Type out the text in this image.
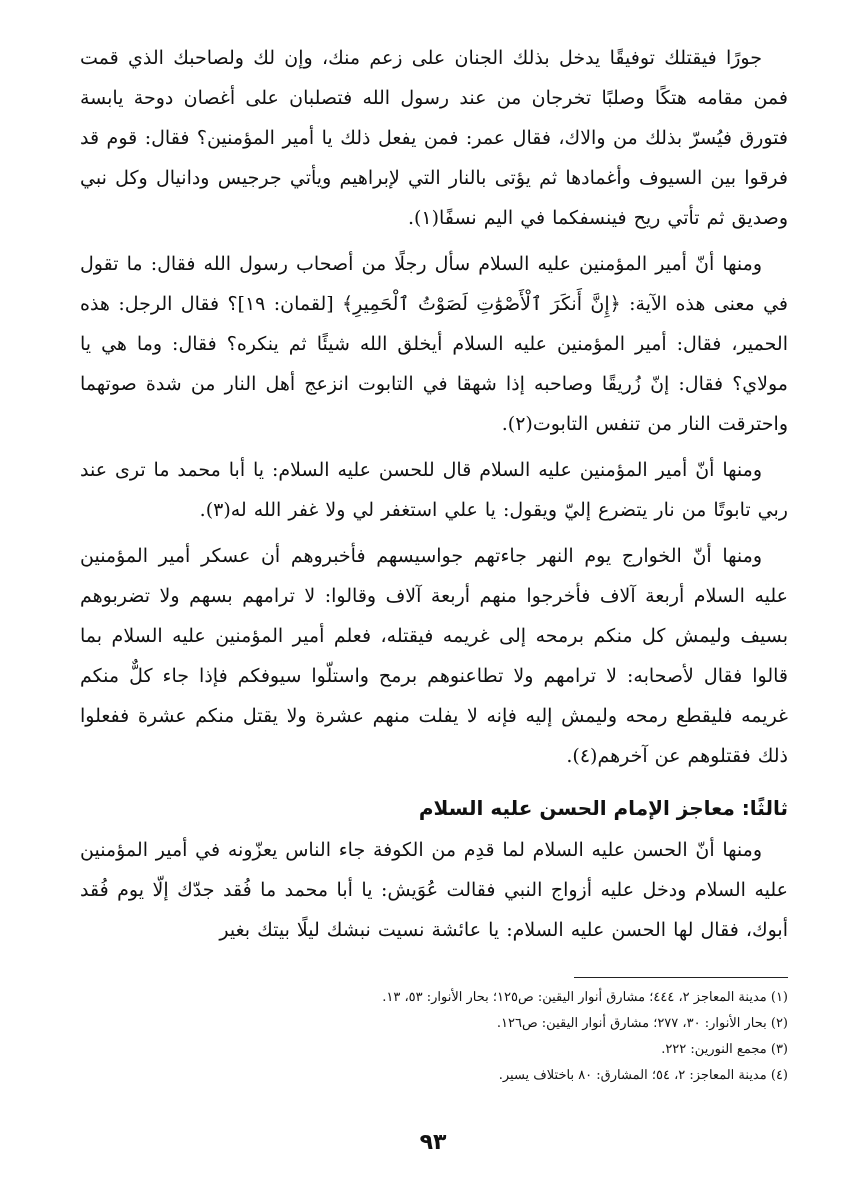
جورًا فيقتلك توفيقًا يدخل بذلك الجنان على زعم منك، وإن لك ولصاحبك الذي قمت فمن مقامه هتكًا وصلبًا تخرجان من عند رسول الله فتصلبان على أغصان دوحة يابسة فتورق فيُسرّ بذلك من والاك، فقال عمر: فمن يفعل ذلك يا أمير المؤمنين؟ فقال: قوم قد فرقوا بين السيوف وأغمادها ثم يؤتى بالنار التي لإبراهيم ويأتي جرجيس ودانيال وكل نبي وصديق ثم تأتي ريح فينسفكما في اليم نسفًا(١).

ومنها أنّ أمير المؤمنين عليه السلام سأل رجلًا من أصحاب رسول الله فقال: ما تقول في معنى هذه الآية: ﴿إِنَّ أَنكَرَ ٱلْأَصْوَٰتِ لَصَوْتُ ٱلْحَمِيرِ﴾ [لقمان: ١٩]؟ فقال الرجل: هذه الحمير، فقال: أمير المؤمنين عليه السلام أيخلق الله شيئًا ثم ينكره؟ فقال: وما هي يا مولاي؟ فقال: إنّ زُريقًا وصاحبه إذا شهقا في التابوت انزعج أهل النار من شدة صوتهما واحترقت النار من تنفس التابوت(٢).

ومنها أنّ أمير المؤمنين عليه السلام قال للحسن عليه السلام: يا أبا محمد ما ترى عند ربي تابوتًا من نار يتضرع إليّ ويقول: يا علي استغفر لي ولا غفر الله له(٣).

ومنها أنّ الخوارج يوم النهر جاءتهم جواسيسهم فأخبروهم أن عسكر أمير المؤمنين عليه السلام أربعة آلاف فأخرجوا منهم أربعة آلاف وقالوا: لا ترامهم بسهم ولا تضربوهم بسيف وليمش كل منكم برمحه إلى غريمه فيقتله، فعلم أمير المؤمنين عليه السلام بما قالوا فقال لأصحابه: لا ترامهم ولا تطاعنوهم برمح واستلّوا سيوفكم فإذا جاء كلٌّ منكم غريمه فليقطع رمحه وليمش إليه فإنه لا يفلت منهم عشرة ولا يقتل منكم عشرة ففعلوا ذلك فقتلوهم عن آخرهم(٤).

ثالثًا: معاجز الإمام الحسن عليه السلام

ومنها أنّ الحسن عليه السلام لما قدِم من الكوفة جاء الناس يعزّونه في أمير المؤمنين عليه السلام ودخل عليه أزواج النبي فقالت عُوَيش: يا أبا محمد ما فُقد جدّك إلّا يوم فُقد أبوك، فقال لها الحسن عليه السلام: يا عائشة نسيت نبشك ليلًا بيتك بغير

(١) مدينة المعاجز ٢، ٤٤٤؛ مشارق أنوار اليقين: ص١٢٥؛ بحار الأنوار: ٥٣، ١٣.
(٢) بحار الأنوار: ٣٠، ٢٧٧؛ مشارق أنوار اليقين: ص١٢٦.
(٣) مجمع النورين: ٢٢٢.
(٤) مدينة المعاجز: ٢، ٥٤؛ المشارق: ٨٠ باختلاف يسير.
٩٣
